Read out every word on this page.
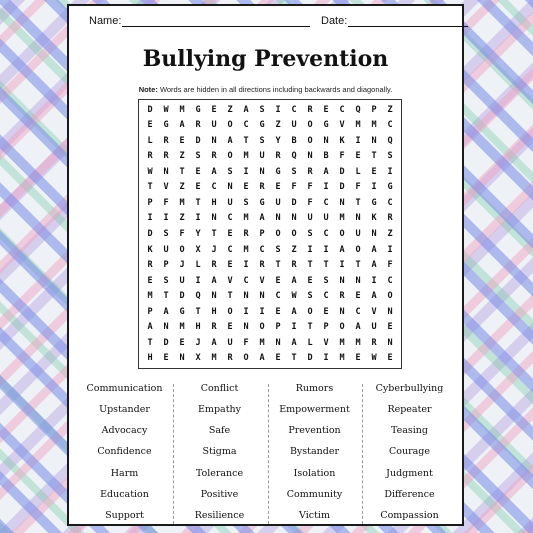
Name:	Date:
Bullying Prevention
Note: Words are hidden in all directions including backwards and diagonally.
D	W	M	G	E	Z	A	S	I	C	R	E	C	Q	P	Z
E	G	A	R	U	O	C	G	Z	U	O	G	V	M	M	C
L	R	E	D	N	A	T	S	Y	B	O	N	K	I	N	Q
R	R	Z	S	R	O	M	U	R	Q	N	B	F	E	T	S
W	N	T	E	A	S	I	N	G	S	R	A	D	L	E	I
T	V	Z	E	C	N	E	R	E	F	F	I	D	F	I	G
P	F	M	T	H	U	S	G	U	D	F	C	N	T	G	C
I	I	Z	I	N	C	M	A	N	N	U	U	M	N	K	R
D	S	F	Y	T	E	R	P	O	O	S	C	O	U	N	Z
K	U	O	X	J	C	M	C	S	Z	I	I	A	O	A	I
R	P	J	L	R	E	I	R	T	R	T	T	I	T	A	F
E	S	U	I	A	V	C	V	E	A	E	S	N	N	I	C
M	T	D	Q	N	T	N	N	C	W	S	C	R	E	A	O
P	A	G	T	H	O	I	I	E	A	O	E	N	C	V	N
A	N	M	H	R	E	N	O	P	I	T	P	O	A	U	E
T	D	E	J	A	U	F	M	N	A	L	V	M	M	R	N
H	E	N	X	M	R	O	A	E	T	D	I	M	E	W	E
Communication	Conflict	Rumors	Cyberbullying
Upstander	Empathy	Empowerment	Repeater
Advocacy	Safe	Prevention	Teasing
Confidence	Stigma	Bystander	Courage
Harm	Tolerance	Isolation	Judgment
Education	Positive	Community	Difference
Support	Resilience	Victim	Compassion
